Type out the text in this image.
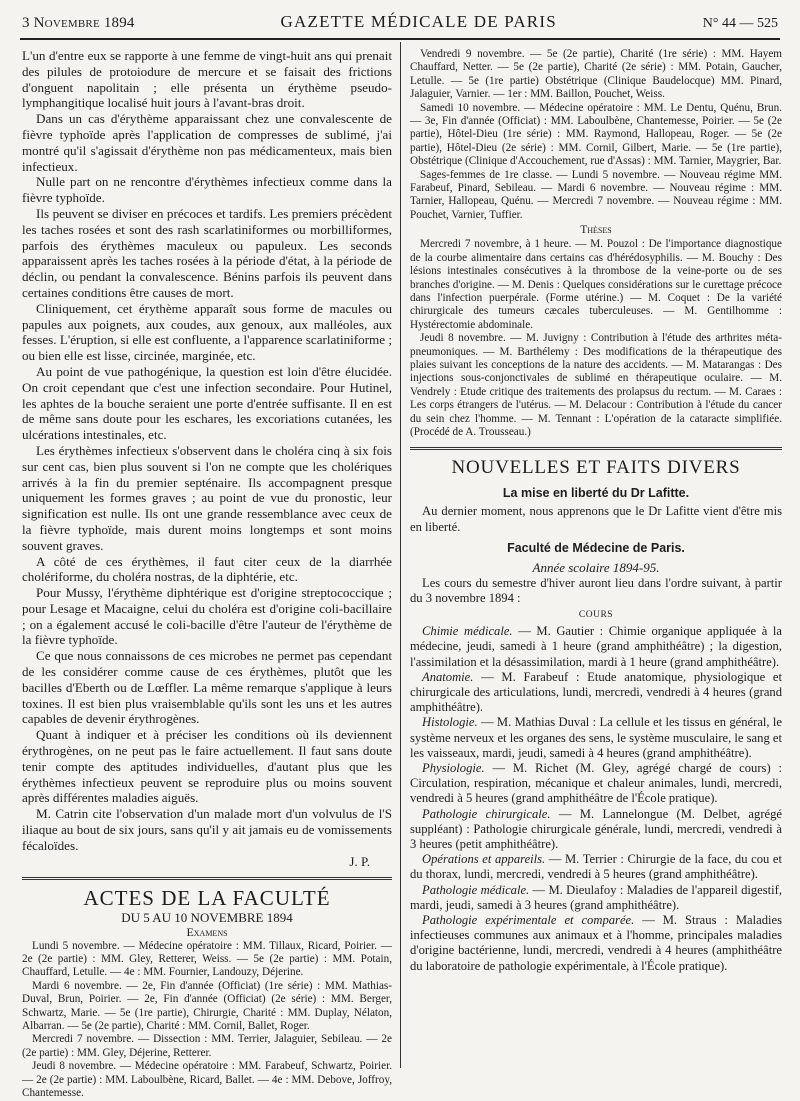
3 Novembre 1894	GAZETTE MÉDICALE DE PARIS	N° 44 — 525

L'un d'entre eux se rapporte à une femme de vingt-huit ans qui prenait des pilules de protoiodure de mercure et se faisait des frictions d'onguent napolitain ; elle présenta un érythème pseudo-lymphangitique localisé huit jours à l'avant-bras droit.

Dans un cas d'érythème apparaissant chez une convalescente de fièvre typhoïde après l'application de compresses de sublimé, j'ai montré qu'il s'agissait d'érythème non pas médicamenteux, mais bien infectieux.

Nulle part on ne rencontre d'érythèmes infectieux comme dans la fièvre typhoïde.

Ils peuvent se diviser en précoces et tardifs. Les premiers précèdent les taches rosées et sont des rash scarlatiniformes ou morbilliformes, parfois des érythèmes maculeux ou papuleux. Les seconds apparaissent après les taches rosées à la période d'état, à la période de déclin, ou pendant la convalescence. Bénins parfois ils peuvent dans certaines conditions être causes de mort.

Cliniquement, cet érythème apparaît sous forme de macules ou papules aux poignets, aux coudes, aux genoux, aux malléoles, aux fesses. L'éruption, si elle est confluente, a l'apparence scarlatiniforme ; ou bien elle est lisse, circinée, marginée, etc.

Au point de vue pathogénique, la question est loin d'être élucidée. On croit cependant que c'est une infection secondaire. Pour Hutinel, les aphtes de la bouche seraient une porte d'entrée suffisante. Il en est de même sans doute pour les eschares, les excoriations cutanées, les ulcérations intestinales, etc.

Les érythèmes infectieux s'observent dans le choléra cinq à six fois sur cent cas, bien plus souvent si l'on ne compte que les cholériques arrivés à la fin du premier septénaire. Ils accompagnent presque uniquement les formes graves ; au point de vue du pronostic, leur signification est nulle. Ils ont une grande ressemblance avec ceux de la fièvre typhoïde, mais durent moins longtemps et sont moins souvent graves.

A côté de ces érythèmes, il faut citer ceux de la diarrhée cholériforme, du choléra nostras, de la diphtérie, etc.

Pour Mussy, l'érythème diphtérique est d'origine streptococcique ; pour Lesage et Macaigne, celui du choléra est d'origine coli-bacillaire ; on a également accusé le coli-bacille d'être l'auteur de l'érythème de la fièvre typhoïde.

Ce que nous connaissons de ces microbes ne permet pas cependant de les considérer comme cause de ces érythèmes, plutôt que les bacilles d'Eberth ou de Lœffler. La même remarque s'applique à leurs toxines. Il est bien plus vraisemblable qu'ils sont les uns et les autres capables de devenir érythrogènes.

Quant à indiquer et à préciser les conditions où ils deviennent érythrogènes, on ne peut pas le faire actuellement. Il faut sans doute tenir compte des aptitudes individuelles, d'autant plus que les érythèmes infectieux peuvent se reproduire plus ou moins souvent après différentes maladies aiguës.

M. Catrin cite l'observation d'un malade mort d'un volvulus de l'S iliaque au bout de six jours, sans qu'il y ait jamais eu de vomissements fécaloïdes.

J. P.
ACTES DE LA FACULTÉ
DU 5 AU 10 NOVEMBRE 1894
Examens

Lundi 5 novembre. — Médecine opératoire : MM. Tillaux, Ricard, Poirier. — 2e (2e partie) : MM. Gley, Retterer, Weiss. — 5e (2e partie) : MM. Potain, Chauffard, Letulle. — 4e : MM. Fournier, Landouzy, Déjerine.

Mardi 6 novembre. — 2e, Fin d'année (Officiat) (1re série) : MM. Mathias-Duval, Brun, Poirier. — 2e, Fin d'année (Officiat) (2e série) : MM. Berger, Schwartz, Marie. — 5e (1re partie), Chirurgie, Charité : MM. Duplay, Nélaton, Albarran. — 5e (2e partie), Charité : MM. Cornil, Ballet, Roger.

Mercredi 7 novembre. — Dissection : MM. Terrier, Jalaguier, Sebileau. — 2e (2e partie) : MM. Gley, Déjerine, Retterer.

Jeudi 8 novembre. — Médecine opératoire : MM. Farabeuf, Schwartz, Poirier. — 2e (2e partie) : MM. Laboulbène, Ricard, Ballet. — 4e : MM. Debove, Joffroy, Chantemesse.

Vendredi 9 novembre. — 5e (2e partie), Charité (1re série) : MM. Hayem Chauffard, Netter. — 5e (2e partie), Charité (2e série) : MM. Potain, Gaucher, Letulle. — 5e (1re partie) Obstétrique (Clinique Baudelocque) MM. Pinard, Jalaguier, Varnier. — 1er : MM. Baillon, Pouchet, Weiss.

Samedi 10 novembre. — Médecine opératoire : MM. Le Dentu, Quénu, Brun. — 3e, Fin d'année (Officiat) : MM. Laboulbène, Chantemesse, Poirier. — 5e (2e partie), Hôtel-Dieu (1re série) : MM. Raymond, Hallopeau, Roger. — 5e (2e partie), Hôtel-Dieu (2e série) : MM. Cornil, Gilbert, Marie. — 5e (1re partie), Obstétrique (Clinique d'Accouchement, rue d'Assas) : MM. Tarnier, Maygrier, Bar.

Sages-femmes de 1re classe. — Lundi 5 novembre. — Nouveau régime MM. Farabeuf, Pinard, Sebileau. — Mardi 6 novembre. — Nouveau régime : MM. Tarnier, Hallopeau, Quénu. — Mercredi 7 novembre. — Nouveau régime : MM. Pouchet, Varnier, Tuffier.

Thèses

Mercredi 7 novembre, à 1 heure. — M. Pouzol : De l'importance diagnostique de la courbe alimentaire dans certains cas d'hérédosyphilis. — M. Bouchy : Des lésions intestinales consécutives à la thrombose de la veine-porte ou de ses branches d'origine. — M. Denis : Quelques considérations sur le curettage précoce dans l'infection puerpérale. (Forme utérine.) — M. Coquet : De la variété chirurgicale des tumeurs cæcales tuberculeuses. — M. Gentilhomme : Hystérectomie abdominale.

Jeudi 8 novembre. — M. Juvigny : Contribution à l'étude des arthrites méta-pneumoniques. — M. Barthélemy : Des modifications de la thérapeutique des plaies suivant les conceptions de la nature des accidents. — M. Matarangas : Des injections sous-conjonctivales de sublimé en thérapeutique oculaire. — M. Vendrely : Etude critique des traitements des prolapsus du rectum. — M. Caraes : Les corps étrangers de l'utérus. — M. Delacour : Contribution à l'étude du cancer du sein chez l'homme. — M. Tennant : L'opération de la cataracte simplifiée. (Procédé de A. Trousseau.)

NOUVELLES ET FAITS DIVERS
La mise en liberté du Dr Lafitte.

Au dernier moment, nous apprenons que le Dr Lafitte vient d'être mis en liberté.

Faculté de Médecine de Paris.
Année scolaire 1894-95.

Les cours du semestre d'hiver auront lieu dans l'ordre suivant, à partir du 3 novembre 1894 :

COURS

Chimie médicale. — M. Gautier : Chimie organique appliquée à la médecine, jeudi, samedi à 1 heure (grand amphithéâtre) ; la digestion, l'assimilation et la désassimilation, mardi à 1 heure (grand amphithéâtre).

Anatomie. — M. Farabeuf : Etude anatomique, physiologique et chirurgicale des articulations, lundi, mercredi, vendredi à 4 heures (grand amphithéâtre).

Histologie. — M. Mathias Duval : La cellule et les tissus en général, le système nerveux et les organes des sens, le système musculaire, le sang et les vaisseaux, mardi, jeudi, samedi à 4 heures (grand amphithéâtre).

Physiologie. — M. Richet (M. Gley, agrégé chargé de cours) : Circulation, respiration, mécanique et chaleur animales, lundi, mercredi, vendredi à 5 heures (grand amphithéâtre de l'École pratique).

Pathologie chirurgicale. — M. Lannelongue (M. Delbet, agrégé suppléant) : Pathologie chirurgicale générale, lundi, mercredi, vendredi à 3 heures (petit amphithéâtre).

Opérations et appareils. — M. Terrier : Chirurgie de la face, du cou et du thorax, lundi, mercredi, vendredi à 5 heures (grand amphithéâtre).

Pathologie médicale. — M. Dieulafoy : Maladies de l'appareil digestif, mardi, jeudi, samedi à 3 heures (grand amphithéâtre).

Pathologie expérimentale et comparée. — M. Straus : Maladies infectieuses communes aux animaux et à l'homme, principales maladies d'origine bactérienne, lundi, mercredi, vendredi à 4 heures (amphithéâtre du laboratoire de pathologie expérimentale, à l'École pratique).
